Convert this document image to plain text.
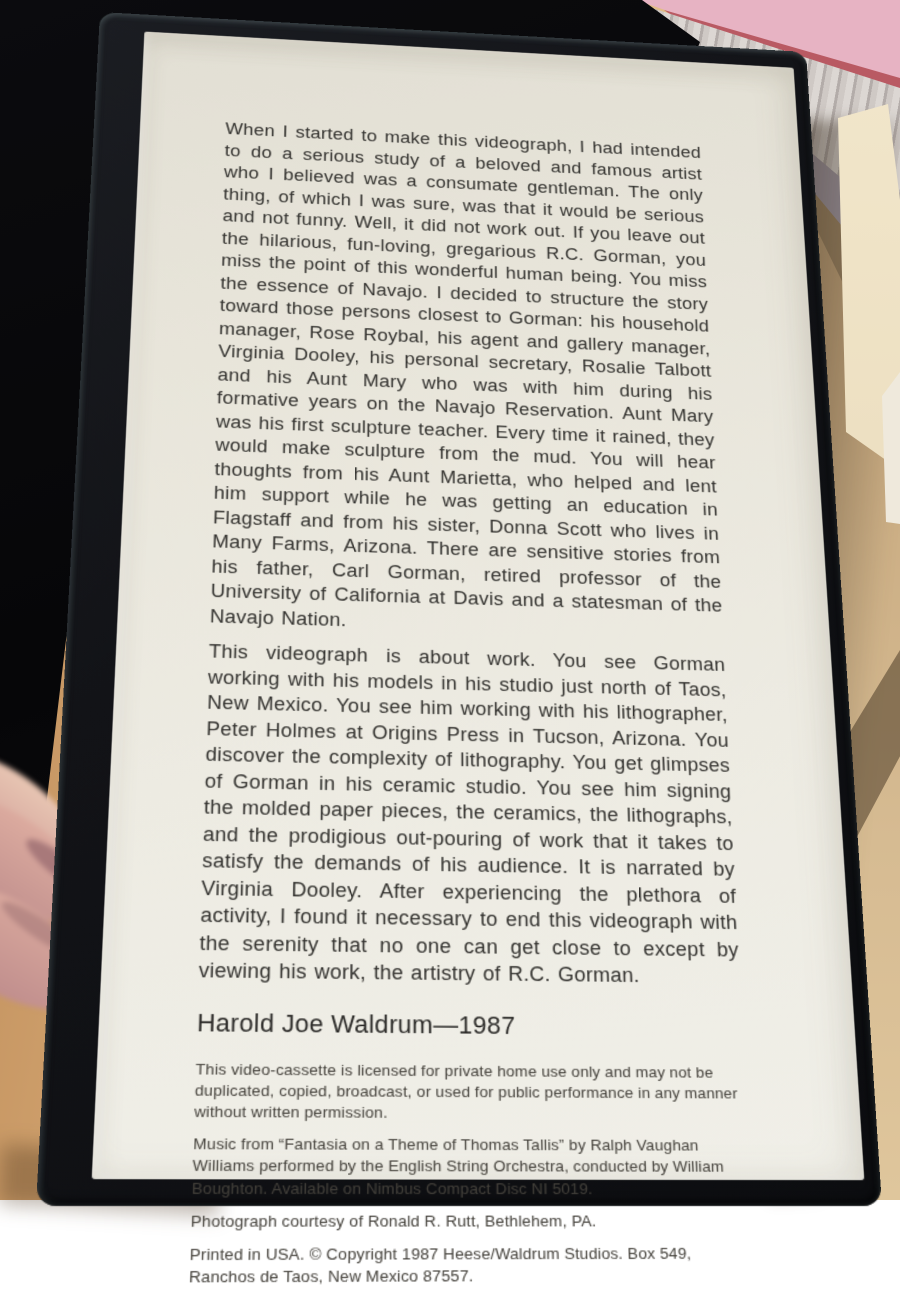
When I started to make this videograph, I had intended to do a serious study of a beloved and famous artist who I believed was a consumate gentleman. The only thing, of which I was sure, was that it would be serious and not funny. Well, it did not work out. If you leave out the hilarious, fun-loving, gregarious R.C. Gorman, you miss the point of this wonderful human being. You miss the essence of Navajo. I decided to structure the story toward those persons closest to Gorman: his household manager, Rose Roybal, his agent and gallery manager, Virginia Dooley, his personal secretary, Rosalie Talbott and his Aunt Mary who was with him during his formative years on the Navajo Reservation. Aunt Mary was his first sculpture teacher. Every time it rained, they would make sculpture from the mud. You will hear thoughts from his Aunt Marietta, who helped and lent him support while he was getting an education in Flagstaff and from his sister, Donna Scott who lives in Many Farms, Arizona. There are sensitive stories from his father, Carl Gorman, retired professor of the University of California at Davis and a statesman of the Navajo Nation.

This videograph is about work. You see Gorman working with his models in his studio just north of Taos, New Mexico. You see him working with his lithographer, Peter Holmes at Origins Press in Tucson, Arizona. You discover the complexity of lithography. You get glimpses of Gorman in his ceramic studio. You see him signing the molded paper pieces, the ceramics, the lithographs, and the prodigious out-pouring of work that it takes to satisfy the demands of his audience. It is narrated by Virginia Dooley. After experiencing the plethora of activity, I found it necessary to end this videograph with the serenity that no one can get close to except by viewing his work, the artistry of R.C. Gorman.

Harold Joe Waldrum—1987

This video-cassette is licensed for private home use only and may not be duplicated, copied, broadcast, or used for public performance in any manner without written permission.

Music from “Fantasia on a Theme of Thomas Tallis” by Ralph Vaughan Williams performed by the English String Orchestra, conducted by William Boughton. Available on Nimbus Compact Disc NI 5019.

Photograph courtesy of Ronald R. Rutt, Bethlehem, PA.

Printed in USA. © Copyright 1987 Heese/Waldrum Studios. Box 549, Ranchos de Taos, New Mexico 87557.
